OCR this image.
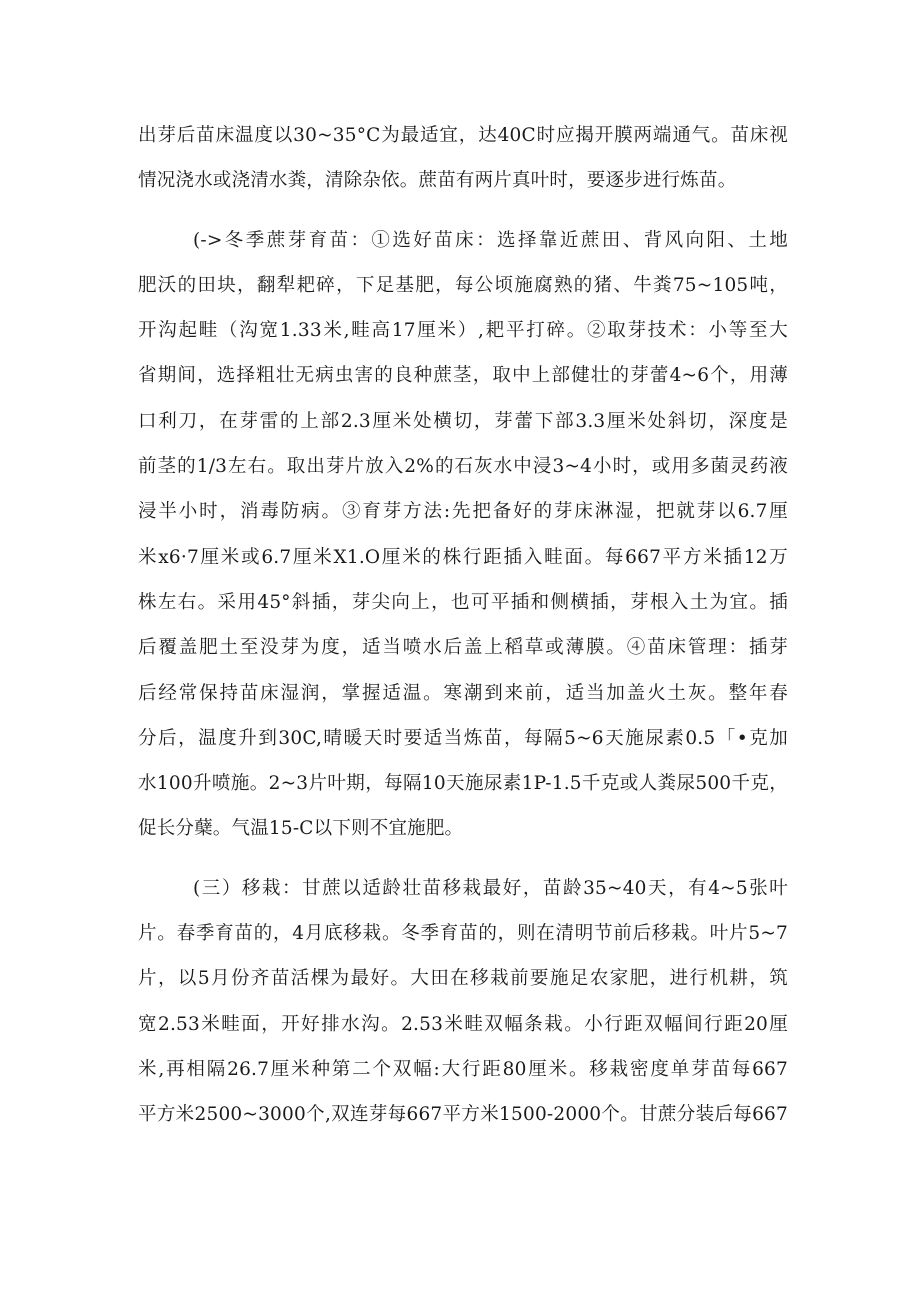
出芽后苗床温度以30~35°C为最适宜，达40C时应揭开膜两端通气。苗床视
情况浇水或浇清水粪，清除杂依。蔗苗有两片真叶时，要逐步进行炼苗。
(->冬季蔗芽育苗：①选好苗床：选择靠近蔗田、背风向阳、土地
肥沃的田块，翻犁耙碎，下足基肥，每公顷施腐熟的猪、牛粪75~105吨，
开沟起畦（沟宽1.33米,畦高17厘米）,耙平打碎。②取芽技术：小等至大
省期间，选择粗壮无病虫害的良种蔗茎，取中上部健壮的芽蕾4~6个，用薄
口利刀，在芽雷的上部2.3厘米处横切，芽蕾下部3.3厘米处斜切，深度是
前茎的1/3左右。取出芽片放入2%的石灰水中浸3~4小时，或用多菌灵药液
浸半小时，消毒防病。③育芽方法:先把备好的芽床淋湿，把就芽以6.7厘
米x6·7厘米或6.7厘米X1.O厘米的株行距插入畦面。每667平方米插12万
株左右。采用45°斜插，芽尖向上，也可平插和侧横插，芽根入土为宜。插
后覆盖肥土至没芽为度，适当喷水后盖上稻草或薄膜。④苗床管理：插芽
后经常保持苗床湿润，掌握适温。寒潮到来前，适当加盖火土灰。整年春
分后，温度升到30C,晴暖天时要适当炼苗，每隔5~6天施尿素0.5「•克加
水100升喷施。2~3片叶期，每隔10天施尿素1P-1.5千克或人粪尿500千克，
促长分蘖。气温15-C以下则不宜施肥。
(三）移栽：甘蔗以适龄壮苗移栽最好，苗龄35~40天，有4~5张叶
片。春季育苗的，4月底移栽。冬季育苗的，则在清明节前后移栽。叶片5~7
片，以5月份齐苗活棵为最好。大田在移栽前要施足农家肥，进行机耕，筑
宽2.53米畦面，开好排水沟。2.53米畦双幅条栽。小行距双幅间行距20厘
米,再相隔26.7厘米种第二个双幅:大行距80厘米。移栽密度单芽苗每667
平方米2500~3000个,双连芽每667平方米1500-2000个。甘蔗分装后每667
